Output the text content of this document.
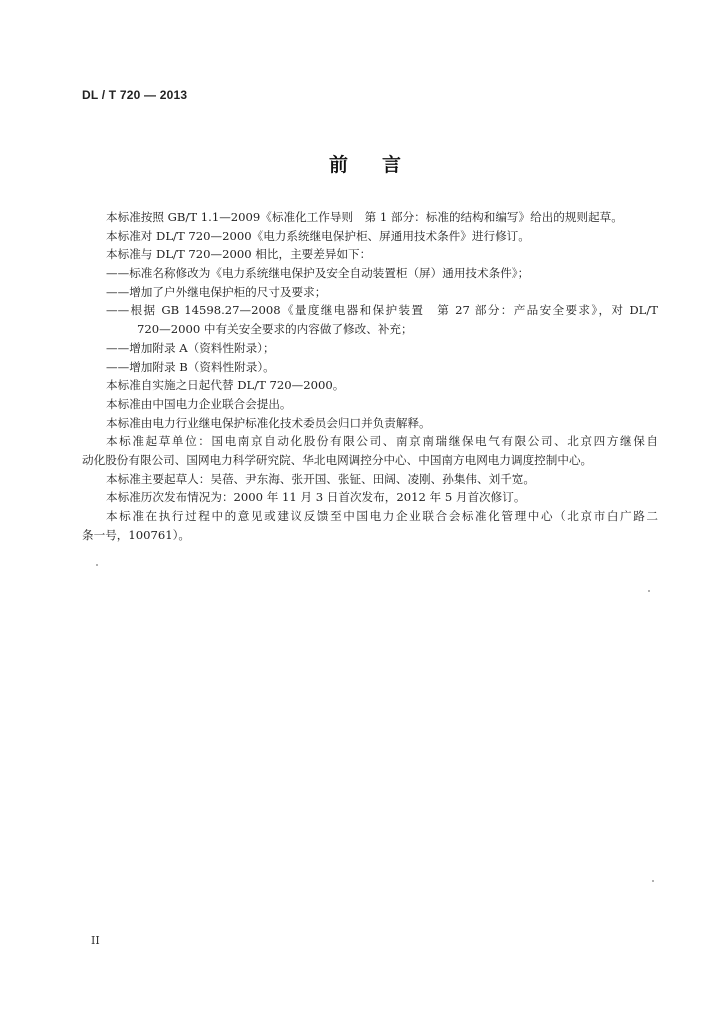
DL / T 720 — 2013
前言
本标准按照 GB/T 1.1—2009《标准化工作导则　第 1 部分：标准的结构和编写》给出的规则起草。
本标准对 DL/T 720—2000《电力系统继电保护柜、屏通用技术条件》进行修订。
本标准与 DL/T 720—2000 相比，主要差异如下：
——标准名称修改为《电力系统继电保护及安全自动装置柜（屏）通用技术条件》；
——增加了户外继电保护柜的尺寸及要求；
——根据 GB 14598.27—2008《量度继电器和保护装置　第 27 部分：产品安全要求》，对 DL/T
720—2000 中有关安全要求的内容做了修改、补充；
——增加附录 A（资料性附录）；
——增加附录 B（资料性附录）。
本标准自实施之日起代替 DL/T 720—2000。
本标准由中国电力企业联合会提出。
本标准由电力行业继电保护标准化技术委员会归口并负责解释。
本标准起草单位：国电南京自动化股份有限公司、南京南瑞继保电气有限公司、北京四方继保自
动化股份有限公司、国网电力科学研究院、华北电网调控分中心、中国南方电网电力调度控制中心。
本标准主要起草人：吴蓓、尹东海、张开国、张钲、田阔、凌刚、孙集伟、刘千宽。
本标准历次发布情况为：2000 年 11 月 3 日首次发布，2012 年 5 月首次修订。
本标准在执行过程中的意见或建议反馈至中国电力企业联合会标准化管理中心（北京市白广路二
条一号，100761）。
II
